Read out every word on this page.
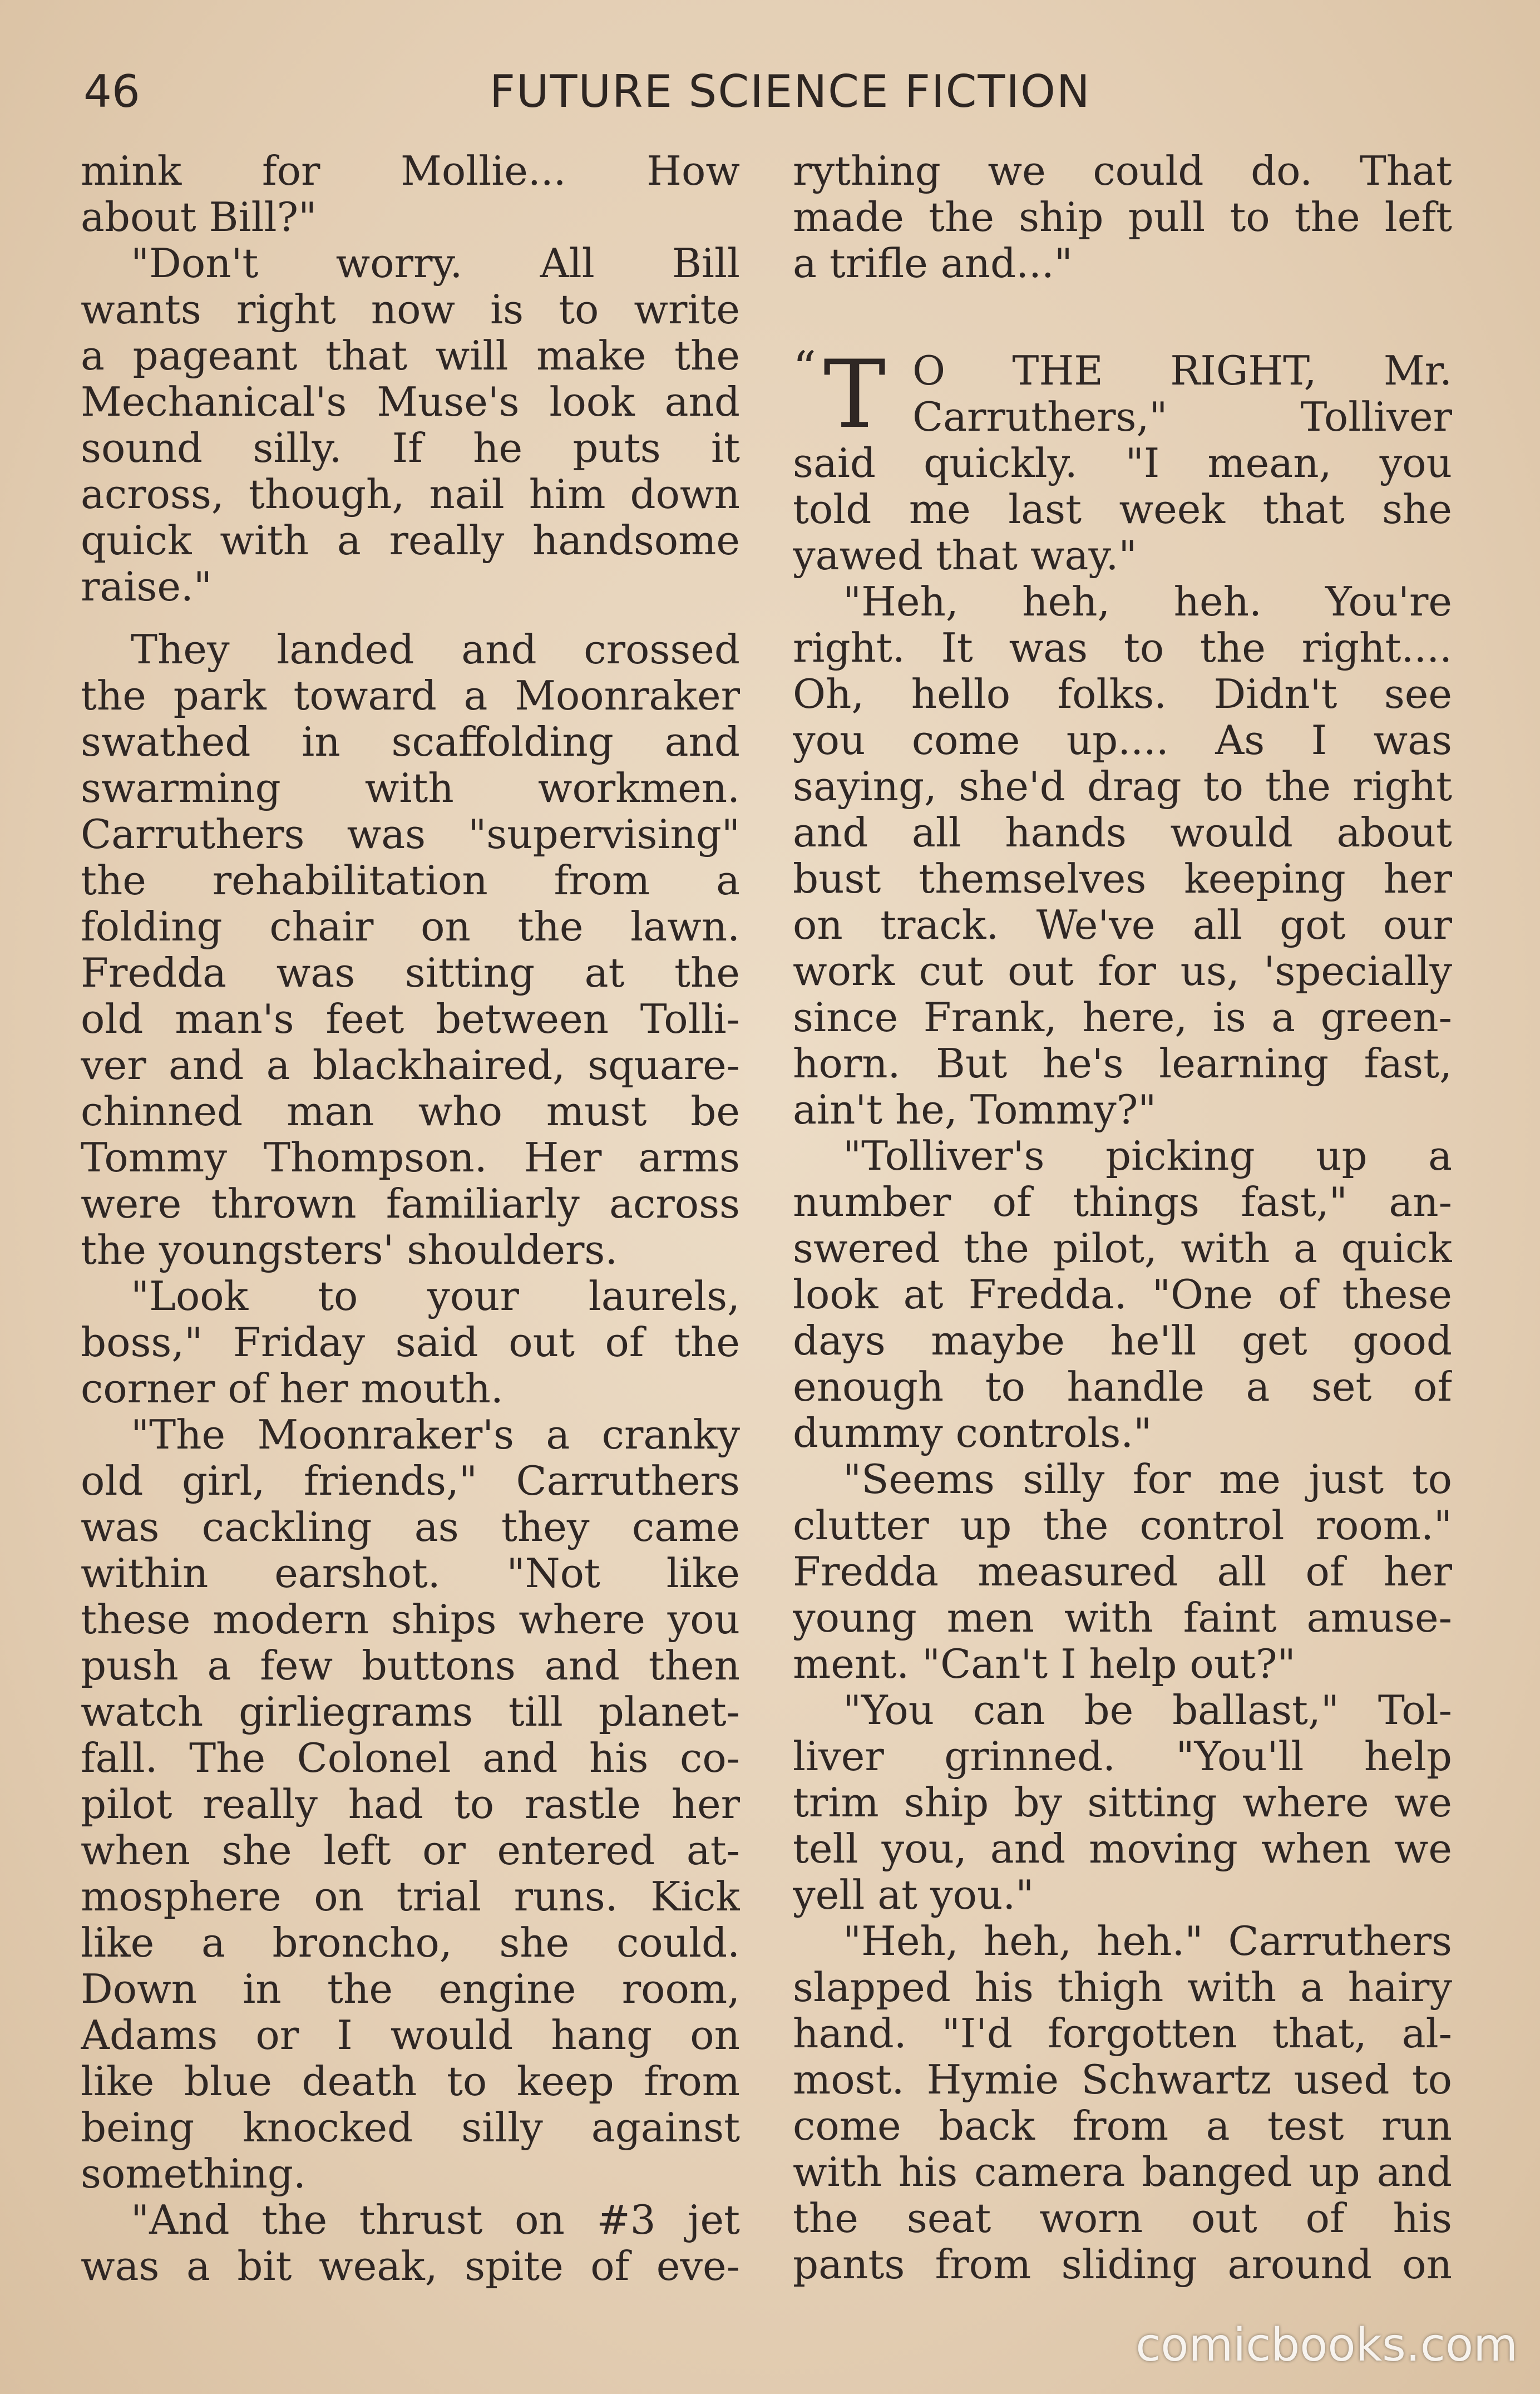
46	FUTURE SCIENCE FICTION
mink for Mollie... How
about Bill?"
"Don't worry. All Bill
wants right now is to write
a pageant that will make the
Mechanical's Muse's look and
sound silly. If he puts it
across, though, nail him down
quick with a really handsome
raise."
They landed and crossed
the park toward a Moonraker
swathed in scaffolding and
swarming with workmen.
Carruthers was "supervising"
the rehabilitation from a
folding chair on the lawn.
Fredda was sitting at the
old man's feet between Tolli-
ver and a blackhaired, square-
chinned man who must be
Tommy Thompson. Her arms
were thrown familiarly across
the youngsters' shoulders.
"Look to your laurels,
boss," Friday said out of the
corner of her mouth.
"The Moonraker's a cranky
old girl, friends," Carruthers
was cackling as they came
within earshot. "Not like
these modern ships where you
push a few buttons and then
watch girliegrams till planet-
fall. The Colonel and his co-
pilot really had to rastle her
when she left or entered at-
mosphere on trial runs. Kick
like a broncho, she could.
Down in the engine room,
Adams or I would hang on
like blue death to keep from
being knocked silly against
something.
"And the thrust on #3 jet
was a bit weak, spite of eve-
rything we could do. That
made the ship pull to the left
a trifle and..."
“ T O THE RIGHT, Mr.
Carruthers," Tolliver
said quickly. "I mean, you
told me last week that she
yawed that way."
"Heh, heh, heh. You're
right. It was to the right....
Oh, hello folks. Didn't see
you come up.... As I was
saying, she'd drag to the right
and all hands would about
bust themselves keeping her
on track. We've all got our
work cut out for us, 'specially
since Frank, here, is a green-
horn. But he's learning fast,
ain't he, Tommy?"
"Tolliver's picking up a
number of things fast," an-
swered the pilot, with a quick
look at Fredda. "One of these
days maybe he'll get good
enough to handle a set of
dummy controls."
"Seems silly for me just to
clutter up the control room."
Fredda measured all of her
young men with faint amuse-
ment. "Can't I help out?"
"You can be ballast," Tol-
liver grinned. "You'll help
trim ship by sitting where we
tell you, and moving when we
yell at you."
"Heh, heh, heh." Carruthers
slapped his thigh with a hairy
hand. "I'd forgotten that, al-
most. Hymie Schwartz used to
come back from a test run
with his camera banged up and
the seat worn out of his
pants from sliding around on
comicbooks.com
